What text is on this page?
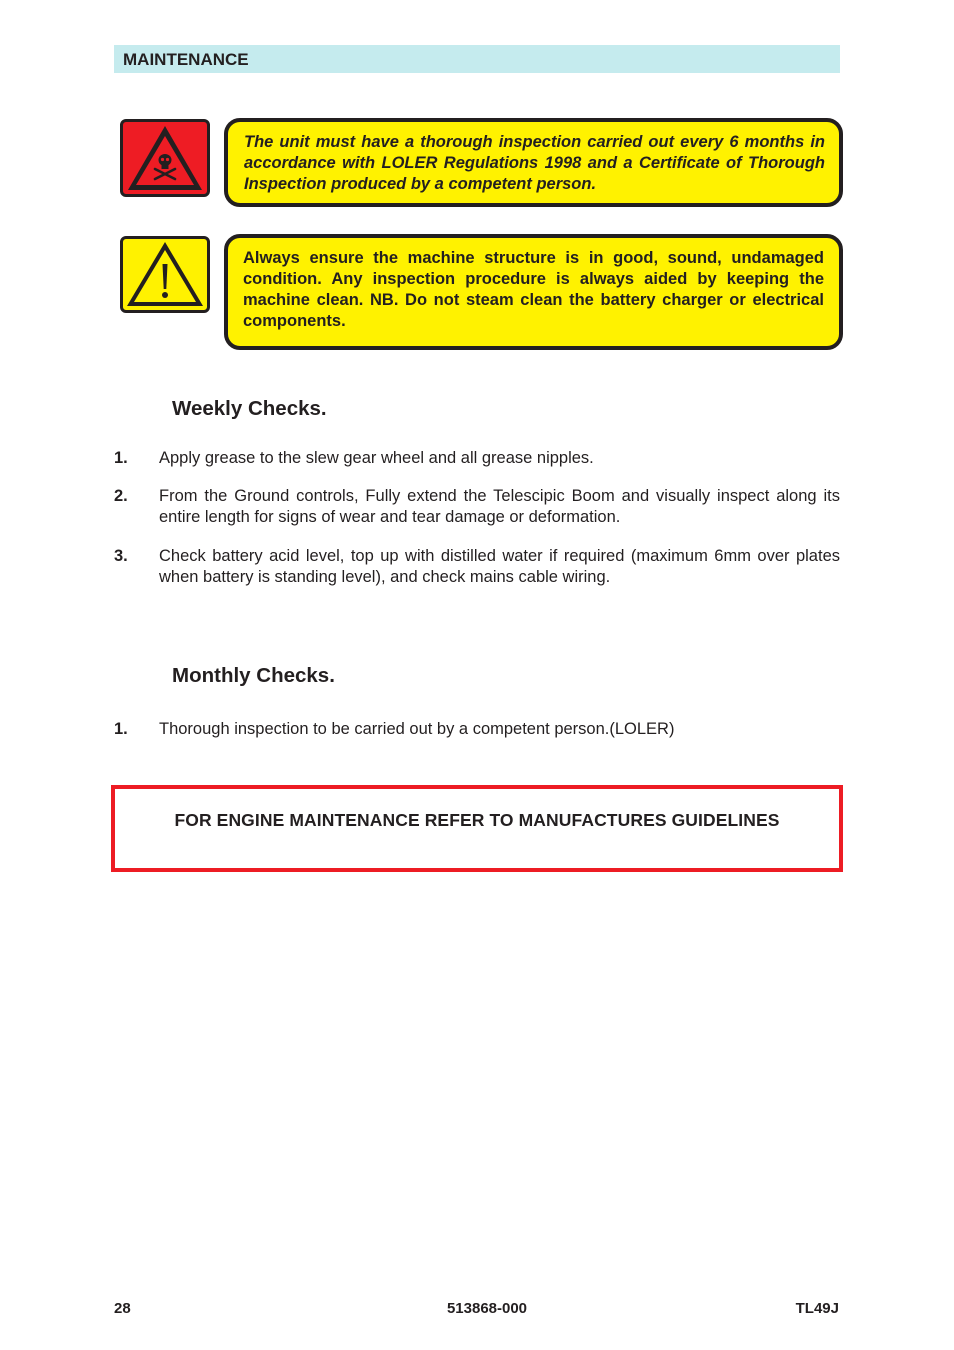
MAINTENANCE
The unit must have a thorough inspection carried out every 6 months in accordance with LOLER Regulations 1998 and a Certificate of Thorough Inspection produced by a competent person.
Always ensure the machine structure is in good, sound, undamaged condition. Any inspection procedure is always aided by keeping the machine clean. NB. Do not steam clean the battery charger or electrical components.
Weekly Checks.
1. Apply grease to the slew gear wheel and all grease nipples.
2. From the Ground controls, Fully extend the Telescipic Boom and visually inspect along its entire length for signs of wear and tear damage or deformation.
3. Check battery acid level, top up with distilled water if required (maximum 6mm over plates when battery is standing level), and check mains cable wiring.
Monthly Checks.
1. Thorough inspection to be carried out by a competent person.(LOLER)
FOR ENGINE MAINTENANCE REFER TO MANUFACTURES GUIDELINES
28	513868-000	TL49J
